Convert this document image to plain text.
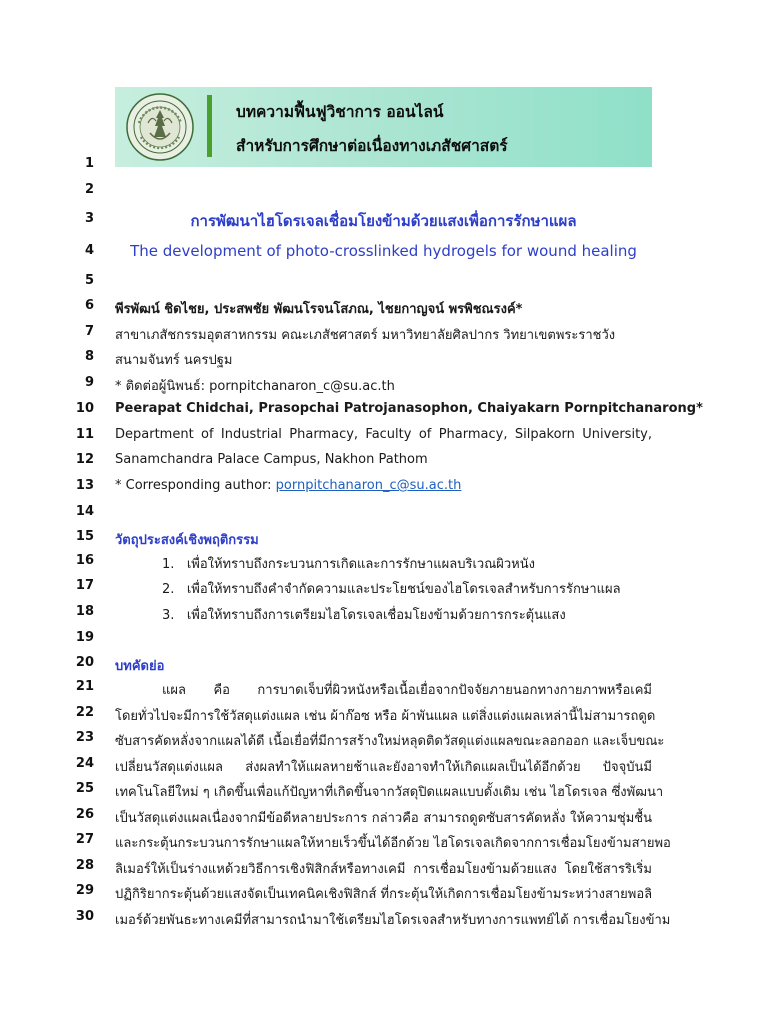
บทความฟื้นฟูวิชาการ ออนไลน์
สำหรับการศึกษาต่อเนื่องทางเภสัชศาสตร์
1
2
3
4
5
6
7
8
9
10
11
12
13
14
15
16
17
18
19
20
21
22
23
24
25
26
27
28
29
30
การพัฒนาไฮโดรเจลเชื่อมโยงข้ามด้วยแสงเพื่อการรักษาแผล
The development of photo-crosslinked hydrogels for wound healing
พีรพัฒน์ ชิดไชย, ประสพชัย พัฒนโรจนโสภณ, ไชยกาญจน์ พรพิชณรงค์*
สาขาเภสัชกรรมอุตสาหกรรม คณะเภสัชศาสตร์ มหาวิทยาลัยศิลปากร วิทยาเขตพระราชวัง
สนามจันทร์ นครปฐม
* ติดต่อผู้นิพนธ์: pornpitchanaron_c@su.ac.th
Peerapat Chidchai, Prasopchai Patrojanasophon, Chaiyakarn Pornpitchanarong*
Department of Industrial Pharmacy, Faculty of Pharmacy, Silpakorn University,
Sanamchandra Palace Campus, Nakhon Pathom
* Corresponding author: pornpitchanaron_c@su.ac.th
วัตถุประสงค์เชิงพฤติกรรม
1. เพื่อให้ทราบถึงกระบวนการเกิดและการรักษาแผลบริเวณผิวหนัง
2. เพื่อให้ทราบถึงคำจำกัดความและประโยชน์ของไฮโดรเจลสำหรับการรักษาแผล
3. เพื่อให้ทราบถึงการเตรียมไฮโดรเจลเชื่อมโยงข้ามด้วยการกระตุ้นแสง
บทคัดย่อ
แผล คือ การบาดเจ็บที่ผิวหนังหรือเนื้อเยื่อจากปัจจัยภายนอกทางกายภาพหรือเคมี
โดยทั่วไปจะมีการใช้วัสดุแต่งแผล เช่น ผ้าก๊อซ หรือ ผ้าพันแผล แต่สิ่งแต่งแผลเหล่านี้ไม่สามารถดูด
ซับสารคัดหลั่งจากแผลได้ดี เนื้อเยื่อที่มีการสร้างใหม่หลุดติดวัสดุแต่งแผลขณะลอกออก และเจ็บขณะ
เปลี่ยนวัสดุแต่งแผล ส่งผลทำให้แผลหายช้าและยังอาจทำให้เกิดแผลเป็นได้อีกด้วย ปัจจุบันมี
เทคโนโลยีใหม่ ๆ เกิดขึ้นเพื่อแก้ปัญหาที่เกิดขึ้นจากวัสดุปิดแผลแบบดั้งเดิม เช่น ไฮโดรเจล ซึ่งพัฒนา
เป็นวัสดุแต่งแผลเนื่องจากมีข้อดีหลายประการ กล่าวคือ สามารถดูดซับสารคัดหลั่ง ให้ความชุ่มชื้น
และกระตุ้นกระบวนการรักษาแผลให้หายเร็วขึ้นได้อีกด้วย ไฮโดรเจลเกิดจากการเชื่อมโยงข้ามสายพอ
ลิเมอร์ให้เป็นร่างแหด้วยวิธีการเชิงฟิสิกส์หรือทางเคมี การเชื่อมโยงข้ามด้วยแสง โดยใช้สารริเริ่ม
ปฏิกิริยากระตุ้นด้วยแสงจัดเป็นเทคนิคเชิงฟิสิกส์ ที่กระตุ้นให้เกิดการเชื่อมโยงข้ามระหว่างสายพอลิ
เมอร์ด้วยพันธะทางเคมีที่สามารถนำมาใช้เตรียมไฮโดรเจลสำหรับทางการแพทย์ได้ การเชื่อมโยงข้าม
